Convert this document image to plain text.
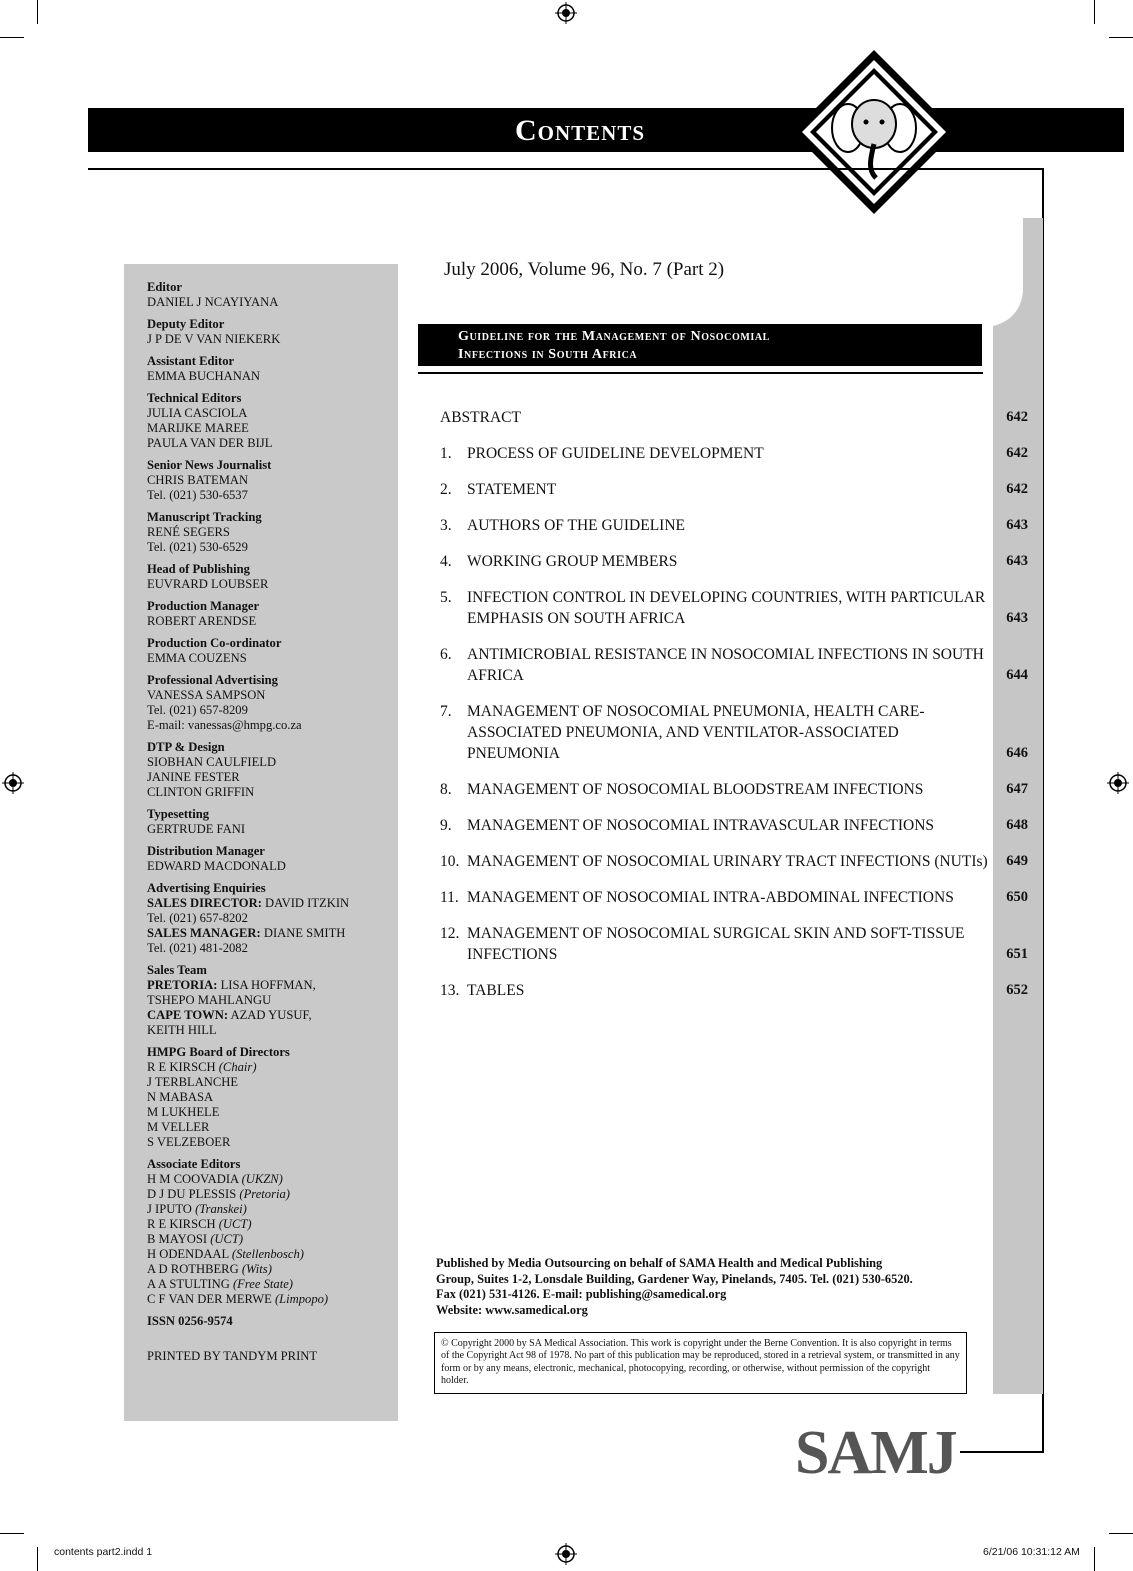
Contents
Editor
DANIEL J NCAYIYANA
Deputy Editor
J P DE V VAN NIEKERK
Assistant Editor
EMMA BUCHANAN
Technical Editors
JULIA CASCIOLA
MARIJKE MAREE
PAULA VAN DER BIJL
Senior News Journalist
CHRIS BATEMAN
Tel. (021) 530-6537
Manuscript Tracking
RENÉ SEGERS
Tel. (021) 530-6529
Head of Publishing
EUVRARD LOUBSER
Production Manager
ROBERT ARENDSE
Production Co-ordinator
EMMA COUZENS
Professional Advertising
VANESSA SAMPSON
Tel. (021) 657-8209
E-mail: vanessas@hmpg.co.za
DTP & Design
SIOBHAN CAULFIELD
JANINE FESTER
CLINTON GRIFFIN
Typesetting
GERTRUDE FANI
Distribution Manager
EDWARD MACDONALD
Advertising Enquiries
SALES DIRECTOR: DAVID ITZKIN
Tel. (021) 657-8202
SALES MANAGER: DIANE SMITH
Tel. (021) 481-2082
Sales Team
PRETORIA: LISA HOFFMAN,
TSHEPO MAHLANGU
CAPE TOWN: AZAD YUSUF,
KEITH HILL
HMPG Board of Directors
R E KIRSCH (Chair)
J TERBLANCHE
N MABASA
M LUKHELE
M VELLER
S VELZEBOER
Associate Editors
H M COOVADIA (UKZN)
D J DU PLESSIS (Pretoria)
J IPUTO (Transkei)
R E KIRSCH (UCT)
B MAYOSI (UCT)
H ODENDAAL (Stellenbosch)
A D ROTHBERG (Wits)
A A STULTING (Free State)
C F VAN DER MERWE (Limpopo)
ISSN 0256-9574
PRINTED BY TANDYM PRINT
July 2006, Volume 96, No. 7 (Part 2)
Guideline for the Management of Nosocomial
Infections in South Africa
ABSTRACT	642
1. PROCESS OF GUIDELINE DEVELOPMENT	642
2. STATEMENT	642
3. AUTHORS OF THE GUIDELINE	643
4. WORKING GROUP MEMBERS	643
5. INFECTION CONTROL IN DEVELOPING COUNTRIES, WITH PARTICULAR EMPHASIS ON SOUTH AFRICA	643
6. ANTIMICROBIAL RESISTANCE IN NOSOCOMIAL INFECTIONS IN SOUTH AFRICA	644
7. MANAGEMENT OF NOSOCOMIAL PNEUMONIA, HEALTH CARE-ASSOCIATED PNEUMONIA, AND VENTILATOR-ASSOCIATED PNEUMONIA	646
8. MANAGEMENT OF NOSOCOMIAL BLOODSTREAM INFECTIONS	647
9. MANAGEMENT OF NOSOCOMIAL INTRAVASCULAR INFECTIONS	648
10. MANAGEMENT OF NOSOCOMIAL URINARY TRACT INFECTIONS (NUTIs)	649
11. MANAGEMENT OF NOSOCOMIAL INTRA-ABDOMINAL INFECTIONS	650
12. MANAGEMENT OF NOSOCOMIAL SURGICAL SKIN AND SOFT-TISSUE INFECTIONS	651
13. TABLES	652
Published by Media Outsourcing on behalf of SAMA Health and Medical Publishing
Group, Suites 1-2, Lonsdale Building, Gardener Way, Pinelands, 7405. Tel. (021) 530-6520.
Fax (021) 531-4126. E-mail: publishing@samedical.org
Website: www.samedical.org
© Copyright 2000 by SA Medical Association. This work is copyright under the Berne Convention. It is also copyright in terms of the Copyright Act 98 of 1978. No part of this publication may be reproduced, stored in a retrieval system, or transmitted in any form or by any means, electronic, mechanical, photocopying, recording, or otherwise, without permission of the copyright holder.
SAMJ
contents part2.indd 1	6/21/06 10:31:12 AM
